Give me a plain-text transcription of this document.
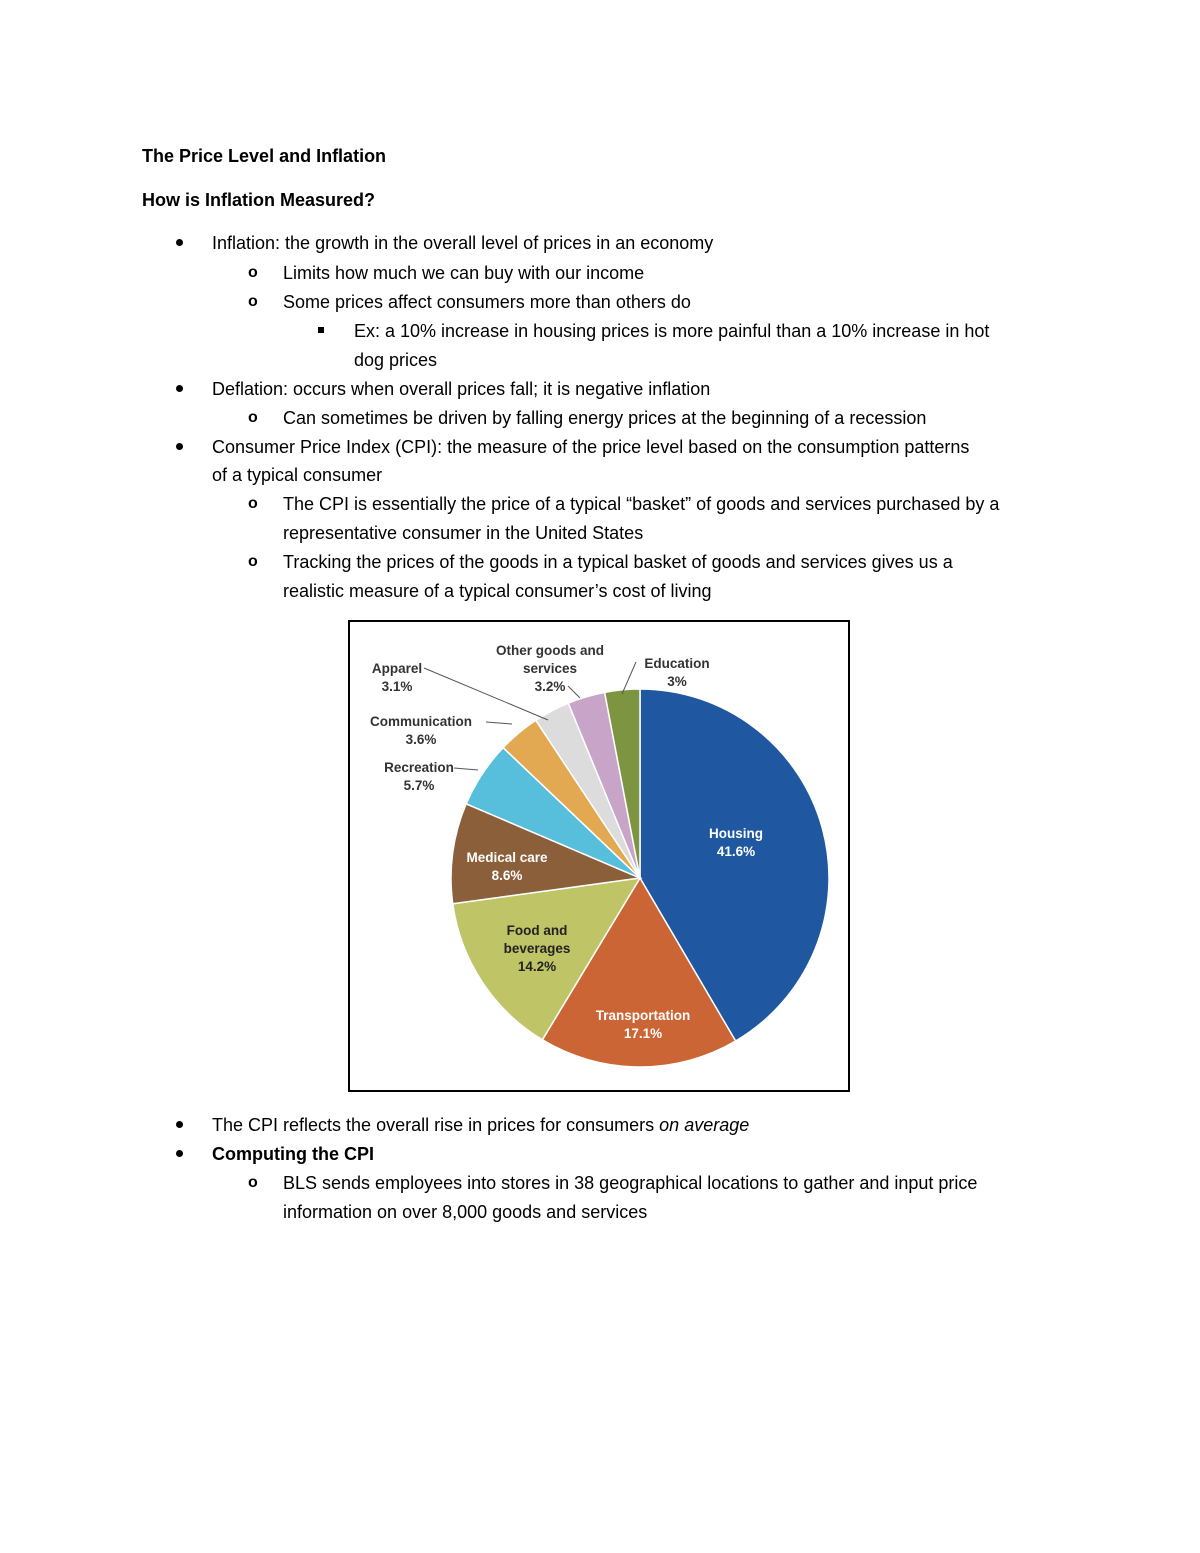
The Price Level and Inflation
How is Inflation Measured?
Inflation: the growth in the overall level of prices in an economy
o Limits how much we can buy with our income
o Some prices affect consumers more than others do
Ex: a 10% increase in housing prices is more painful than a 10% increase in hot
dog prices
Deflation: occurs when overall prices fall; it is negative inflation
o Can sometimes be driven by falling energy prices at the beginning of a recession
Consumer Price Index (CPI): the measure of the price level based on the consumption patterns
of a typical consumer
o The CPI is essentially the price of a typical “basket” of goods and services purchased by a
representative consumer in the United States
o Tracking the prices of the goods in a typical basket of goods and services gives us a
realistic measure of a typical consumer’s cost of living
Housing 41.6%
Transportation 17.1%
Food and beverages 14.2%
Medical care 8.6%
Recreation 5.7%
Communication 3.6%
Apparel 3.1%
Other goods and services 3.2%
Education 3%
The CPI reflects the overall rise in prices for consumers on average
Computing the CPI
o BLS sends employees into stores in 38 geographical locations to gather and input price
information on over 8,000 goods and services
